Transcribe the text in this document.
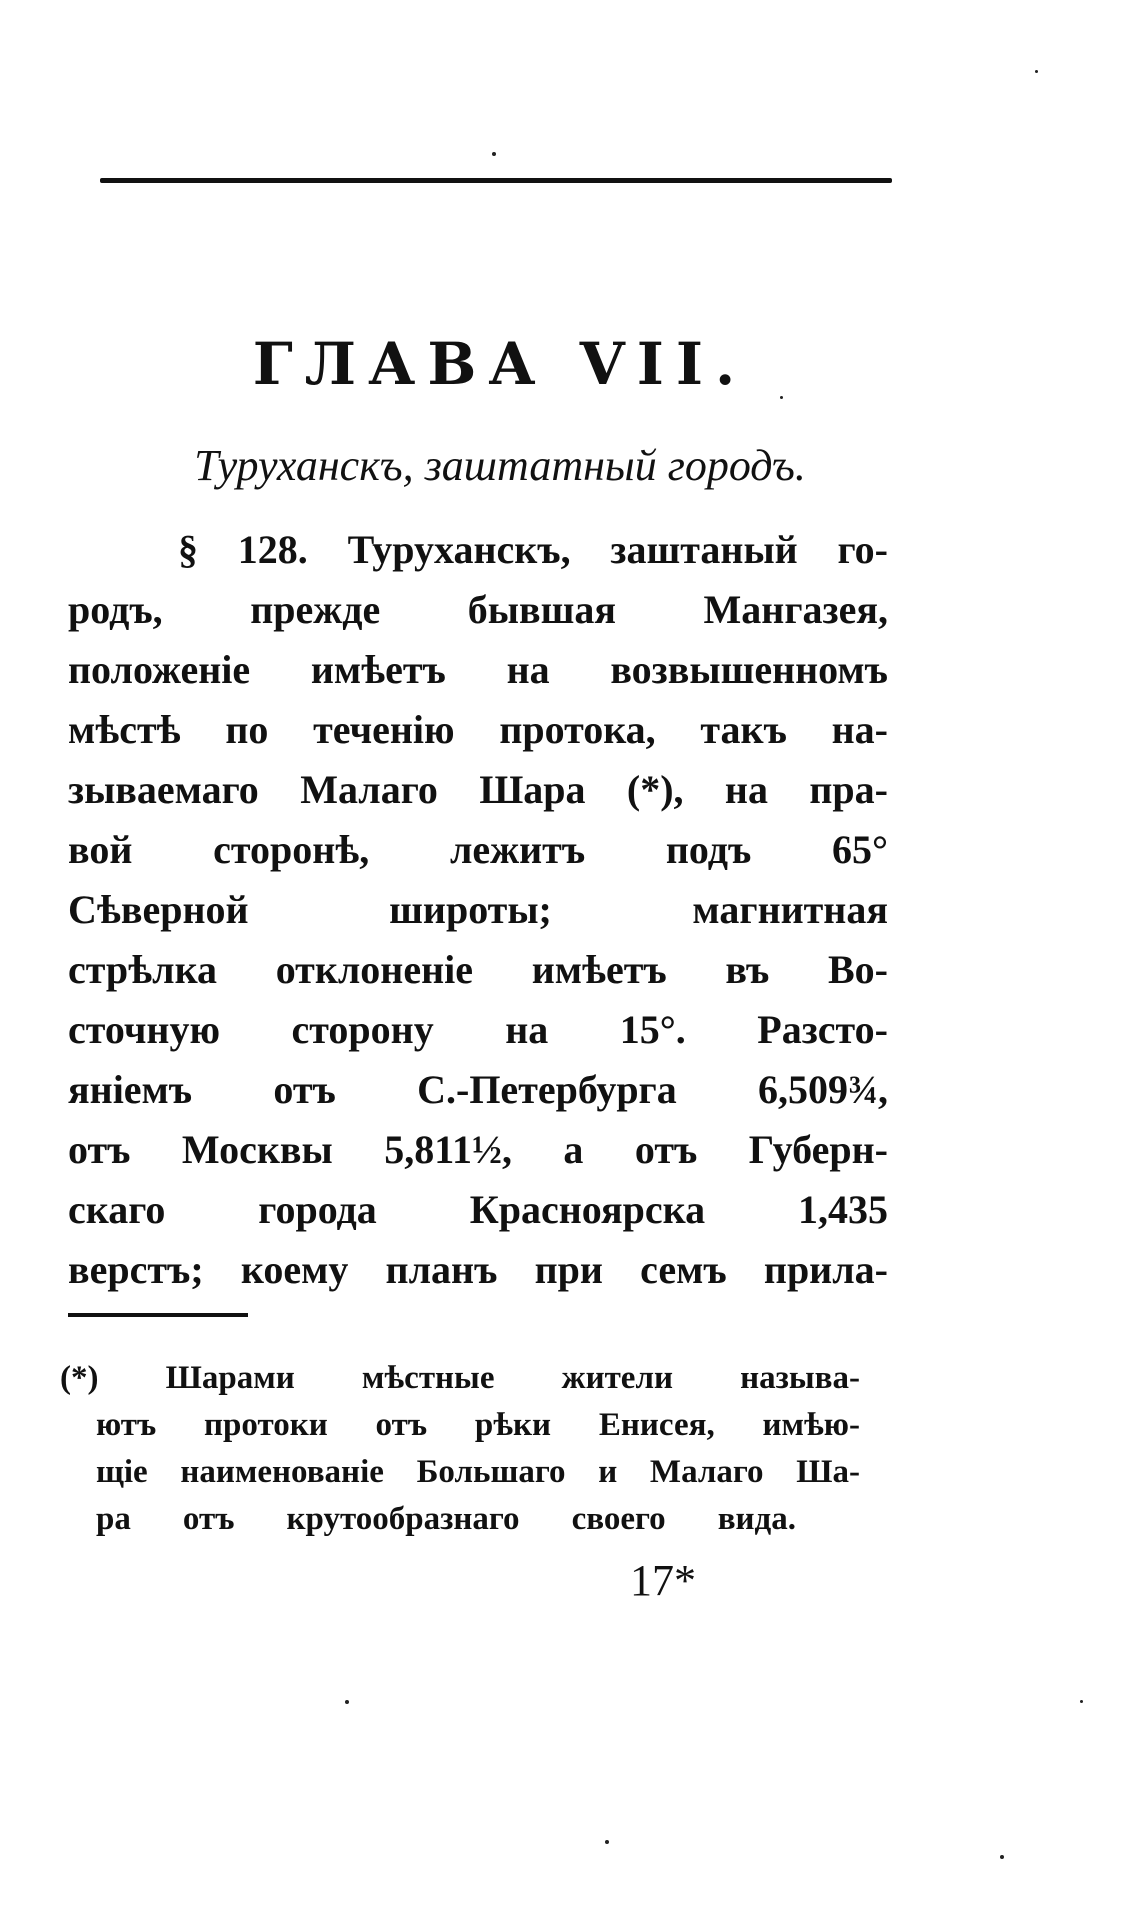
ГЛАВА VII.
Туруханскъ, заштатный городъ.
§ 128. Туруханскъ, заштаный го-
родъ, прежде бывшая Мангазея,
положеніе имѣетъ на возвышенномъ
мѣстѣ по теченію протока, такъ на-
зываемаго Малаго Шара (*), на пра-
вой сторонѣ, лежитъ подъ 65°
Сѣверной широты; магнитная
стрѣлка отклоненіе имѣетъ въ Во-
сточную сторону на 15°. Разсто-
яніемъ отъ С.-Петербурга 6,509¾,
отъ Москвы 5,811½, а отъ Губерн-
скаго города Красноярска 1,435
верстъ; коему планъ при семъ прила-
(*) Шарами мѣстные жители называ-
ютъ протоки отъ рѣки Енисея, имѣю-
щіе наименованіе Большаго и Малаго Ша-
ра отъ крутообразнаго своего вида.
17*
